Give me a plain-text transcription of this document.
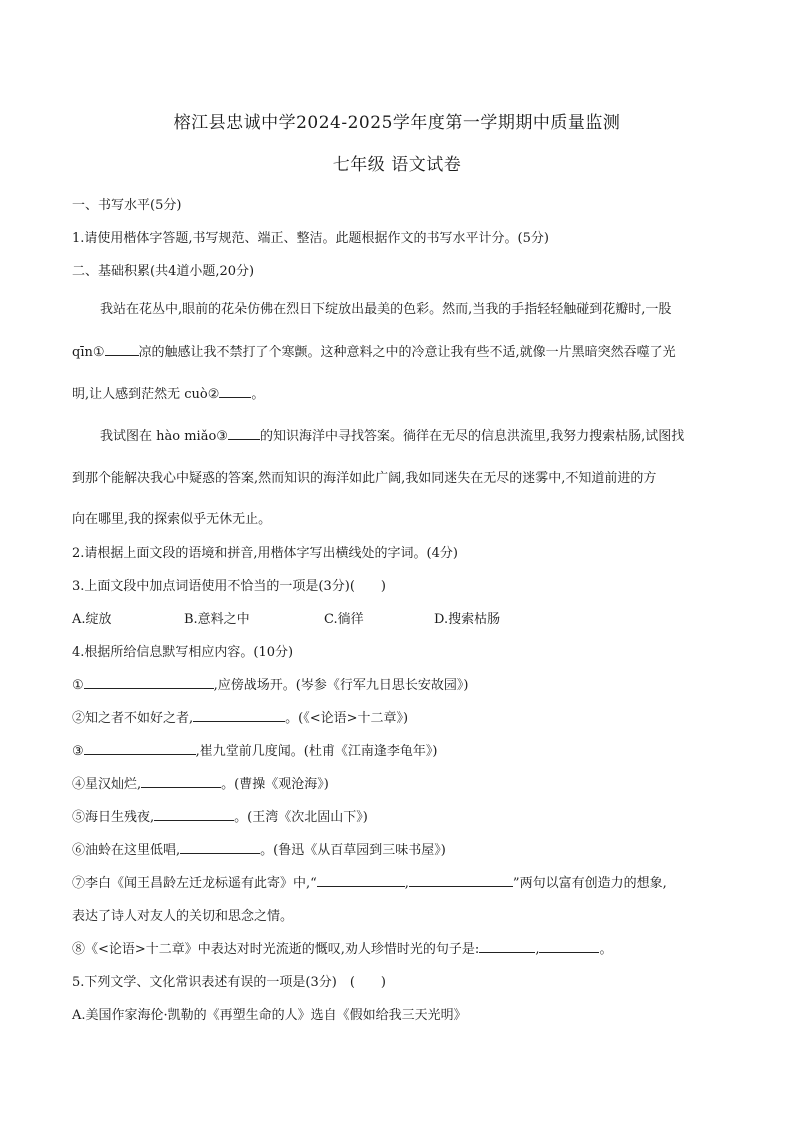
榕江县忠诚中学2024-2025学年度第一学期期中质量监测
七年级 语文试卷
一、书写水平(5分)
1.请使用楷体字答题,书写规范、端正、整洁。此题根据作文的书写水平计分。(5分)
二、基础积累(共4道小题,20分)
我站在花丛中,眼前的花朵仿佛在烈日下绽放出最美的色彩。然而,当我的手指轻轻触碰到花瓣时,一股
qīn①	凉的触感让我不禁打了个寒颤。这种意料之中的冷意让我有些不适,就像一片黑暗突然吞噬了光
明,让人感到茫然无 cuò② 。
我试图在 hào miǎo③ 的知识海洋中寻找答案。徜徉在无尽的信息洪流里,我努力搜索枯肠,试图找
到那个能解决我心中疑惑的答案,然而知识的海洋如此广阔,我如同迷失在无尽的迷雾中,不知道前进的方
向在哪里,我的探索似乎无休无止。
2.请根据上面文段的语境和拼音,用楷体字写出横线处的字词。(4分)
3.上面文段中加点词语使用不恰当的一项是(3分)(　　)
A.绽放	B.意料之中	C.徜徉	D.搜索枯肠
4.根据所给信息默写相应内容。(10分)
①	,应傍战场开。(岑参《行军九日思长安故园》)
②知之者不如好之者,	。(《<论语>十二章》)
③	,崔九堂前几度闻。(杜甫《江南逢李龟年》)
④星汉灿烂,	。(曹操《观沧海》)
⑤海日生残夜,	。(王湾《次北固山下》)
⑥油蛉在这里低唱,	。(鲁迅《从百草园到三味书屋》)
⑦李白《闻王昌龄左迁龙标遥有此寄》中,“	,	”两句以富有创造力的想象,
表达了诗人对友人的关切和思念之情。
⑧《<论语>十二章》中表达对时光流逝的慨叹,劝人珍惜时光的句子是:	,	。
5.下列文学、文化常识表述有误的一项是(3分)　(　　)
A.美国作家海伦·凯勒的《再塑生命的人》选自《假如给我三天光明》
